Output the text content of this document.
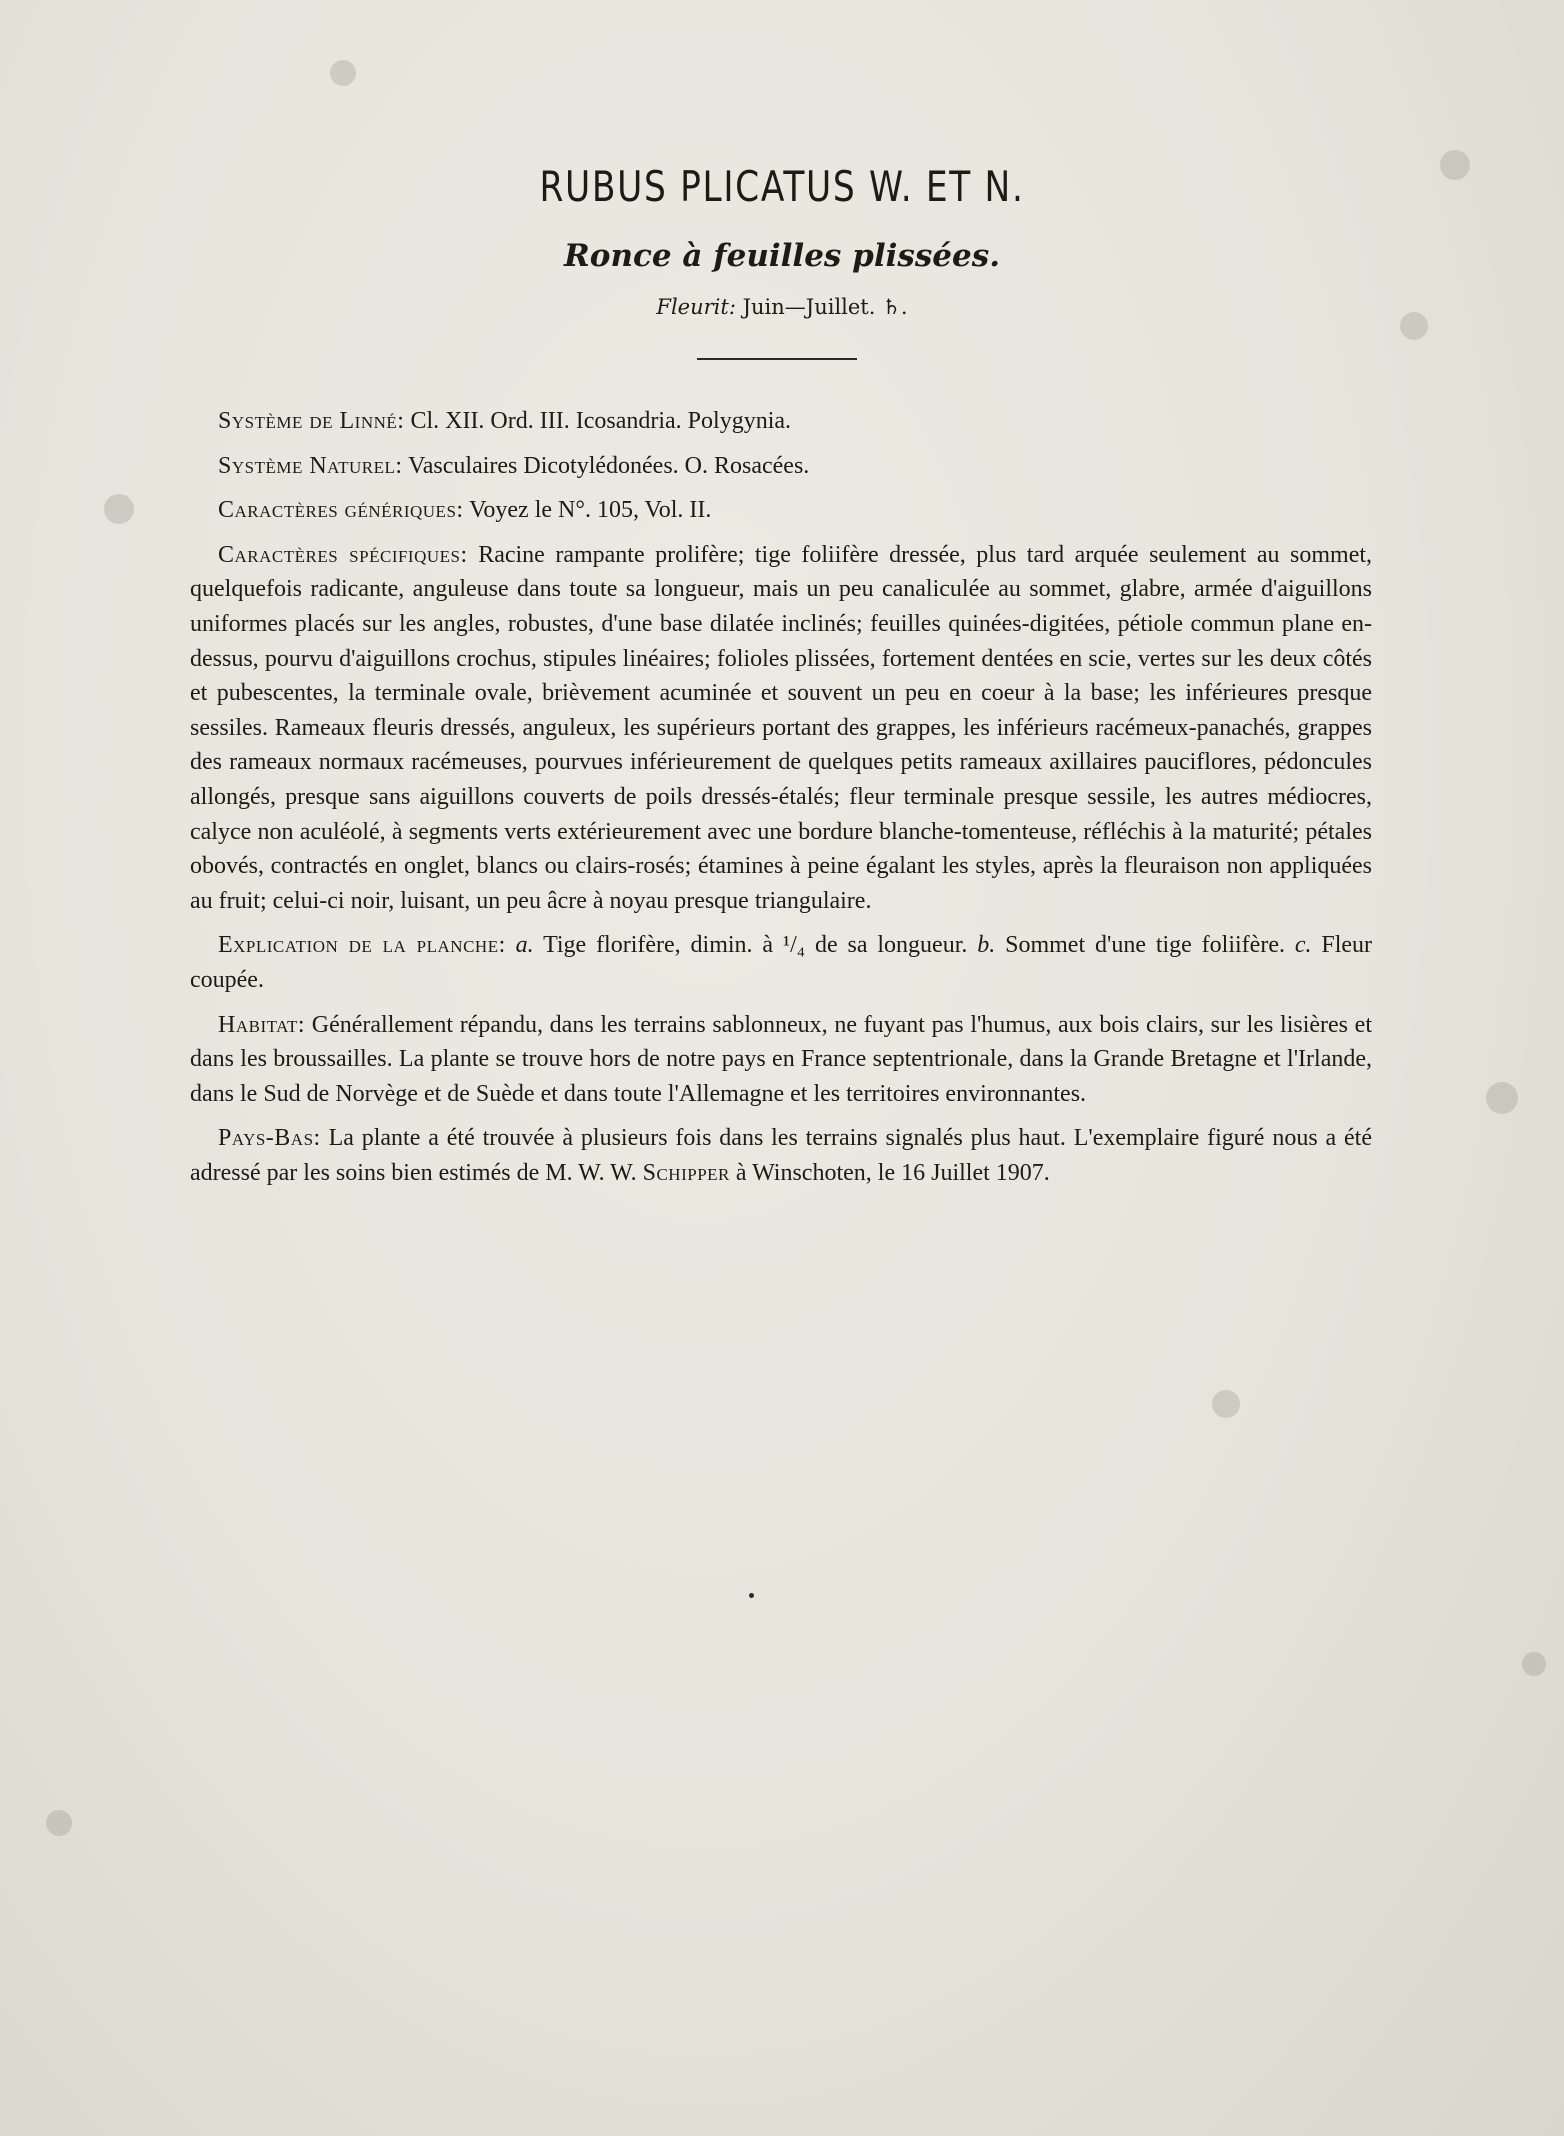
RUBUS PLICATUS W. ET N.
Ronce à feuilles plissées.
Fleurit: Juin—Juillet. ♄.

Système de Linné: Cl. XII. Ord. III. Icosandria. Polygynia.

Système Naturel: Vasculaires Dicotylédonées. O. Rosacées.

Caractères génériques: Voyez le N°. 105, Vol. II.

Caractères spécifiques: Racine rampante prolifère; tige foliifère dressée, plus tard arquée seulement au sommet, quelquefois radicante, anguleuse dans toute sa longueur, mais un peu canaliculée au sommet, glabre, armée d'aiguillons uniformes placés sur les angles, robustes, d'une base dilatée inclinés; feuilles quinées-digitées, pétiole commun plane en-dessus, pourvu d'aiguillons crochus, stipules linéaires; folioles plissées, fortement dentées en scie, vertes sur les deux côtés et pubescentes, la terminale ovale, brièvement acuminée et souvent un peu en coeur à la base; les inférieures presque sessiles. Rameaux fleuris dressés, anguleux, les supérieurs portant des grappes, les inférieurs racémeux-panachés, grappes des rameaux normaux racémeuses, pourvues inférieurement de quelques petits rameaux axillaires pauciflores, pédoncules allongés, presque sans aiguillons couverts de poils dressés-étalés; fleur terminale presque sessile, les autres médiocres, calyce non aculéolé, à segments verts extérieurement avec une bordure blanche-tomenteuse, réfléchis à la maturité; pétales obovés, contractés en onglet, blancs ou clairs-rosés; étamines à peine égalant les styles, après la fleuraison non appliquées au fruit; celui-ci noir, luisant, un peu âcre à noyau presque triangulaire.

Explication de la planche: a. Tige florifère, dimin. à ¹/₄ de sa longueur. b. Sommet d'une tige foliifère. c. Fleur coupée.

Habitat: Générallement répandu, dans les terrains sablonneux, ne fuyant pas l'humus, aux bois clairs, sur les lisières et dans les broussailles. La plante se trouve hors de notre pays en France septentrionale, dans la Grande Bretagne et l'Irlande, dans le Sud de Norvège et de Suède et dans toute l'Allemagne et les territoires environnantes.

Pays-Bas: La plante a été trouvée à plusieurs fois dans les terrains signalés plus haut. L'exemplaire figuré nous a été adressé par les soins bien estimés de M. W. W. Schipper à Winschoten, le 16 Juillet 1907.
